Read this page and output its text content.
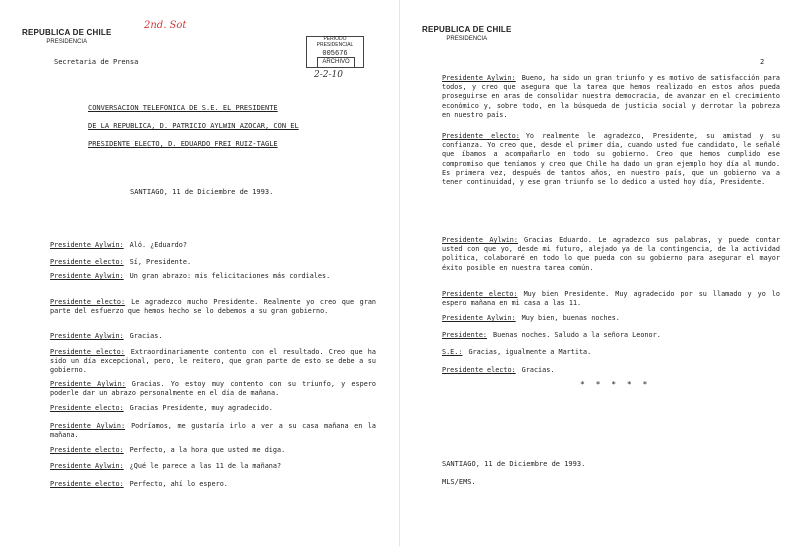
REPUBLICA DE CHILE
PRESIDENCIA
2nd. Sot
PERIODO
PRESIDENCIAL
005676
ARCHIVO
2-2-10
Secretaria de Prensa
CONVERSACION TELEFONICA DE S.E. EL PRESIDENTE
DE LA REPUBLICA, D. PATRICIO AYLWIN AZOCAR, CON EL
PRESIDENTE ELECTO, D. EDUARDO FREI RUIZ-TAGLE
SANTIAGO, 11 de Diciembre de 1993.
Presidente Aylwin: Aló. ¿Eduardo?
Presidente electo: Sí, Presidente.
Presidente Aylwin: Un gran abrazo: mis felicitaciones más cordiales.
Presidente electo: Le agradezco mucho Presidente. Realmente yo creo que gran parte del esfuerzo que hemos hecho se lo debemos a su gran gobierno.
Presidente Aylwin: Gracias.
Presidente electo: Extraordinariamente contento con el resultado. Creo que ha sido un día excepcional, pero, le reitero, que gran parte de esto se debe a su gobierno.
Presidente Aylwin: Gracias. Yo estoy muy contento con su triunfo, y espero poderle dar un abrazo personalmente en el día de mañana.
Presidente electo: Gracias Presidente, muy agradecido.
Presidente Aylwin: Podríamos, me gustaría irlo a ver a su casa mañana en la mañana.
Presidente electo: Perfecto, a la hora que usted me diga.
Presidente Aylwin: ¿Qué le parece a las 11 de la mañana?
Presidente electo: Perfecto, ahí lo espero.
REPUBLICA DE CHILE
PRESIDENCIA
2
Presidente Aylwin: Bueno, ha sido un gran triunfo y es motivo de satisfacción para todos, y creo que asegura que la tarea que hemos realizado en estos años pueda proseguirse en aras de consolidar nuestra democracia, de avanzar en el crecimiento económico y, sobre todo, en la búsqueda de justicia social y derrotar la pobreza en nuestro país.
Presidente electo: Yo realmente le agradezco, Presidente, su amistad y su confianza. Yo creo que, desde el primer día, cuando usted fue candidato, le señalé que íbamos a acompañarlo en todo su gobierno. Creo que hemos cumplido ese compromiso que teníamos y creo que Chile ha dado un gran ejemplo hoy día al mundo. Es primera vez, después de tantos años, en nuestro país, que un gobierno va a tener continuidad, y ese gran triunfo se lo dedico a usted hoy día, Presidente.
Presidente Aylwin: Gracias Eduardo. Le agradezco sus palabras, y puede contar usted con que yo, desde mi futuro, alejado ya de la contingencia, de la actividad política, colaboraré en todo lo que pueda con su gobierno para asegurar el mayor éxito posible en nuestra tarea común.
Presidente electo: Muy bien Presidente. Muy agradecido por su llamado y yo lo espero mañana en mi casa a las 11.
Presidente Aylwin: Muy bien, buenas noches.
Presidente: Buenas noches. Saludo a la señora Leonor.
S.E.: Gracias, igualmente a Martita.
Presidente electo: Gracias.
* * * * *
SANTIAGO, 11 de Diciembre de 1993.
MLS/EMS.
